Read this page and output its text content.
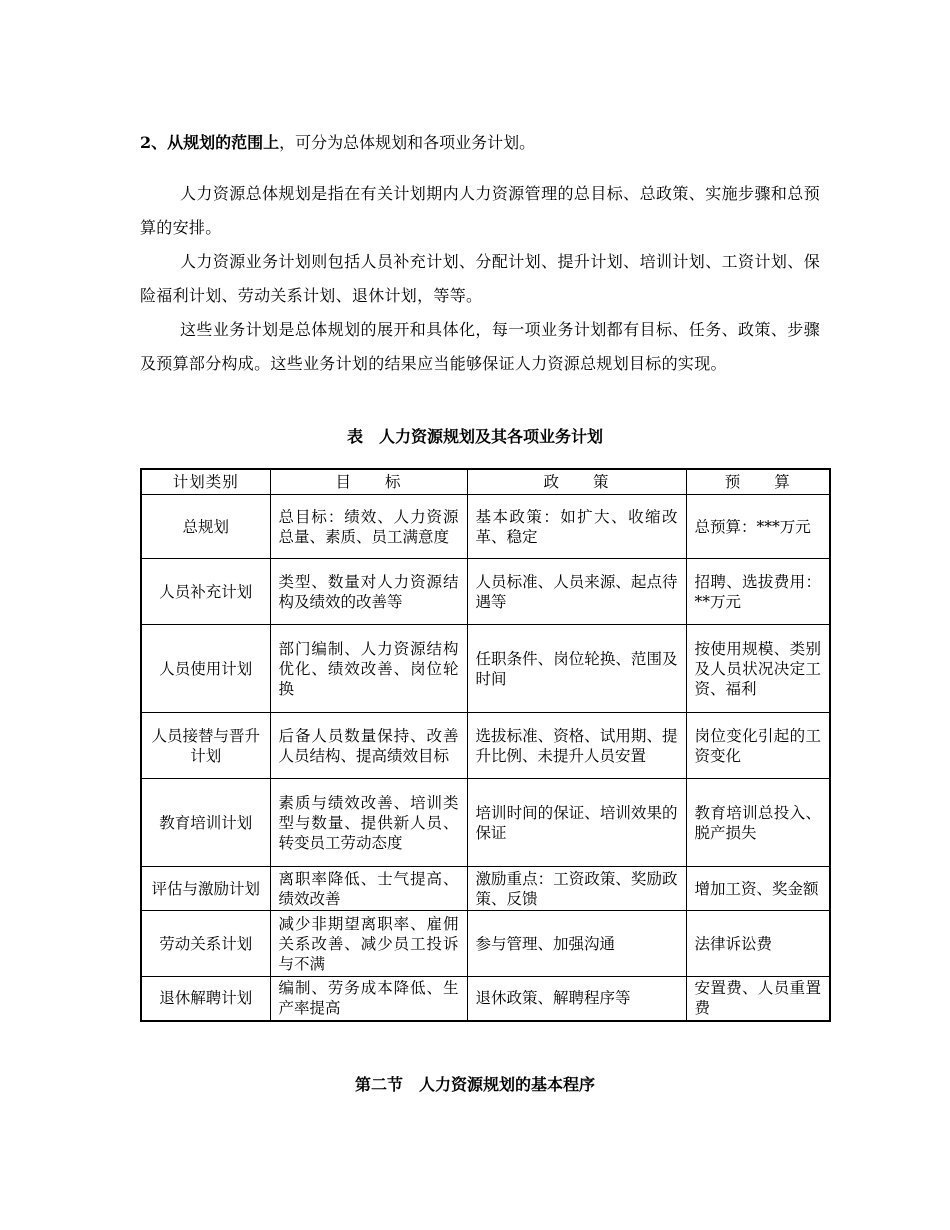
2、从规划的范围上，可分为总体规划和各项业务计划。
人力资源总体规划是指在有关计划期内人力资源管理的总目标、总政策、实施步骤和总预算的安排。
人力资源业务计划则包括人员补充计划、分配计划、提升计划、培训计划、工资计划、保险福利计划、劳动关系计划、退休计划，等等。
这些业务计划是总体规划的展开和具体化，每一项业务计划都有目标、任务、政策、步骤及预算部分构成。这些业务计划的结果应当能够保证人力资源总规划目标的实现。
表　人力资源规划及其各项业务计划
计划类别	目　　标	政　　策	预　　算
总规划	总目标：绩效、人力资源总量、素质、员工满意度	基本政策：如扩大、收缩改革、稳定	总预算：***万元
人员补充计划	类型、数量对人力资源结构及绩效的改善等	人员标准、人员来源、起点待遇等	招聘、选拔费用：**万元
人员使用计划	部门编制、人力资源结构优化、绩效改善、岗位轮换	任职条件、岗位轮换、范围及时间	按使用规模、类别及人员状况决定工资、福利
人员接替与晋升计划	后备人员数量保持、改善人员结构、提高绩效目标	选拔标准、资格、试用期、提升比例、未提升人员安置	岗位变化引起的工资变化
教育培训计划	素质与绩效改善、培训类型与数量、提供新人员、转变员工劳动态度	培训时间的保证、培训效果的保证	教育培训总投入、脱产损失
评估与激励计划	离职率降低、士气提高、绩效改善	激励重点：工资政策、奖励政策、反馈	增加工资、奖金额
劳动关系计划	减少非期望离职率、雇佣关系改善、减少员工投诉与不满	参与管理、加强沟通	法律诉讼费
退休解聘计划	编制、劳务成本降低、生产率提高	退休政策、解聘程序等	安置费、人员重置费
第二节　人力资源规划的基本程序
